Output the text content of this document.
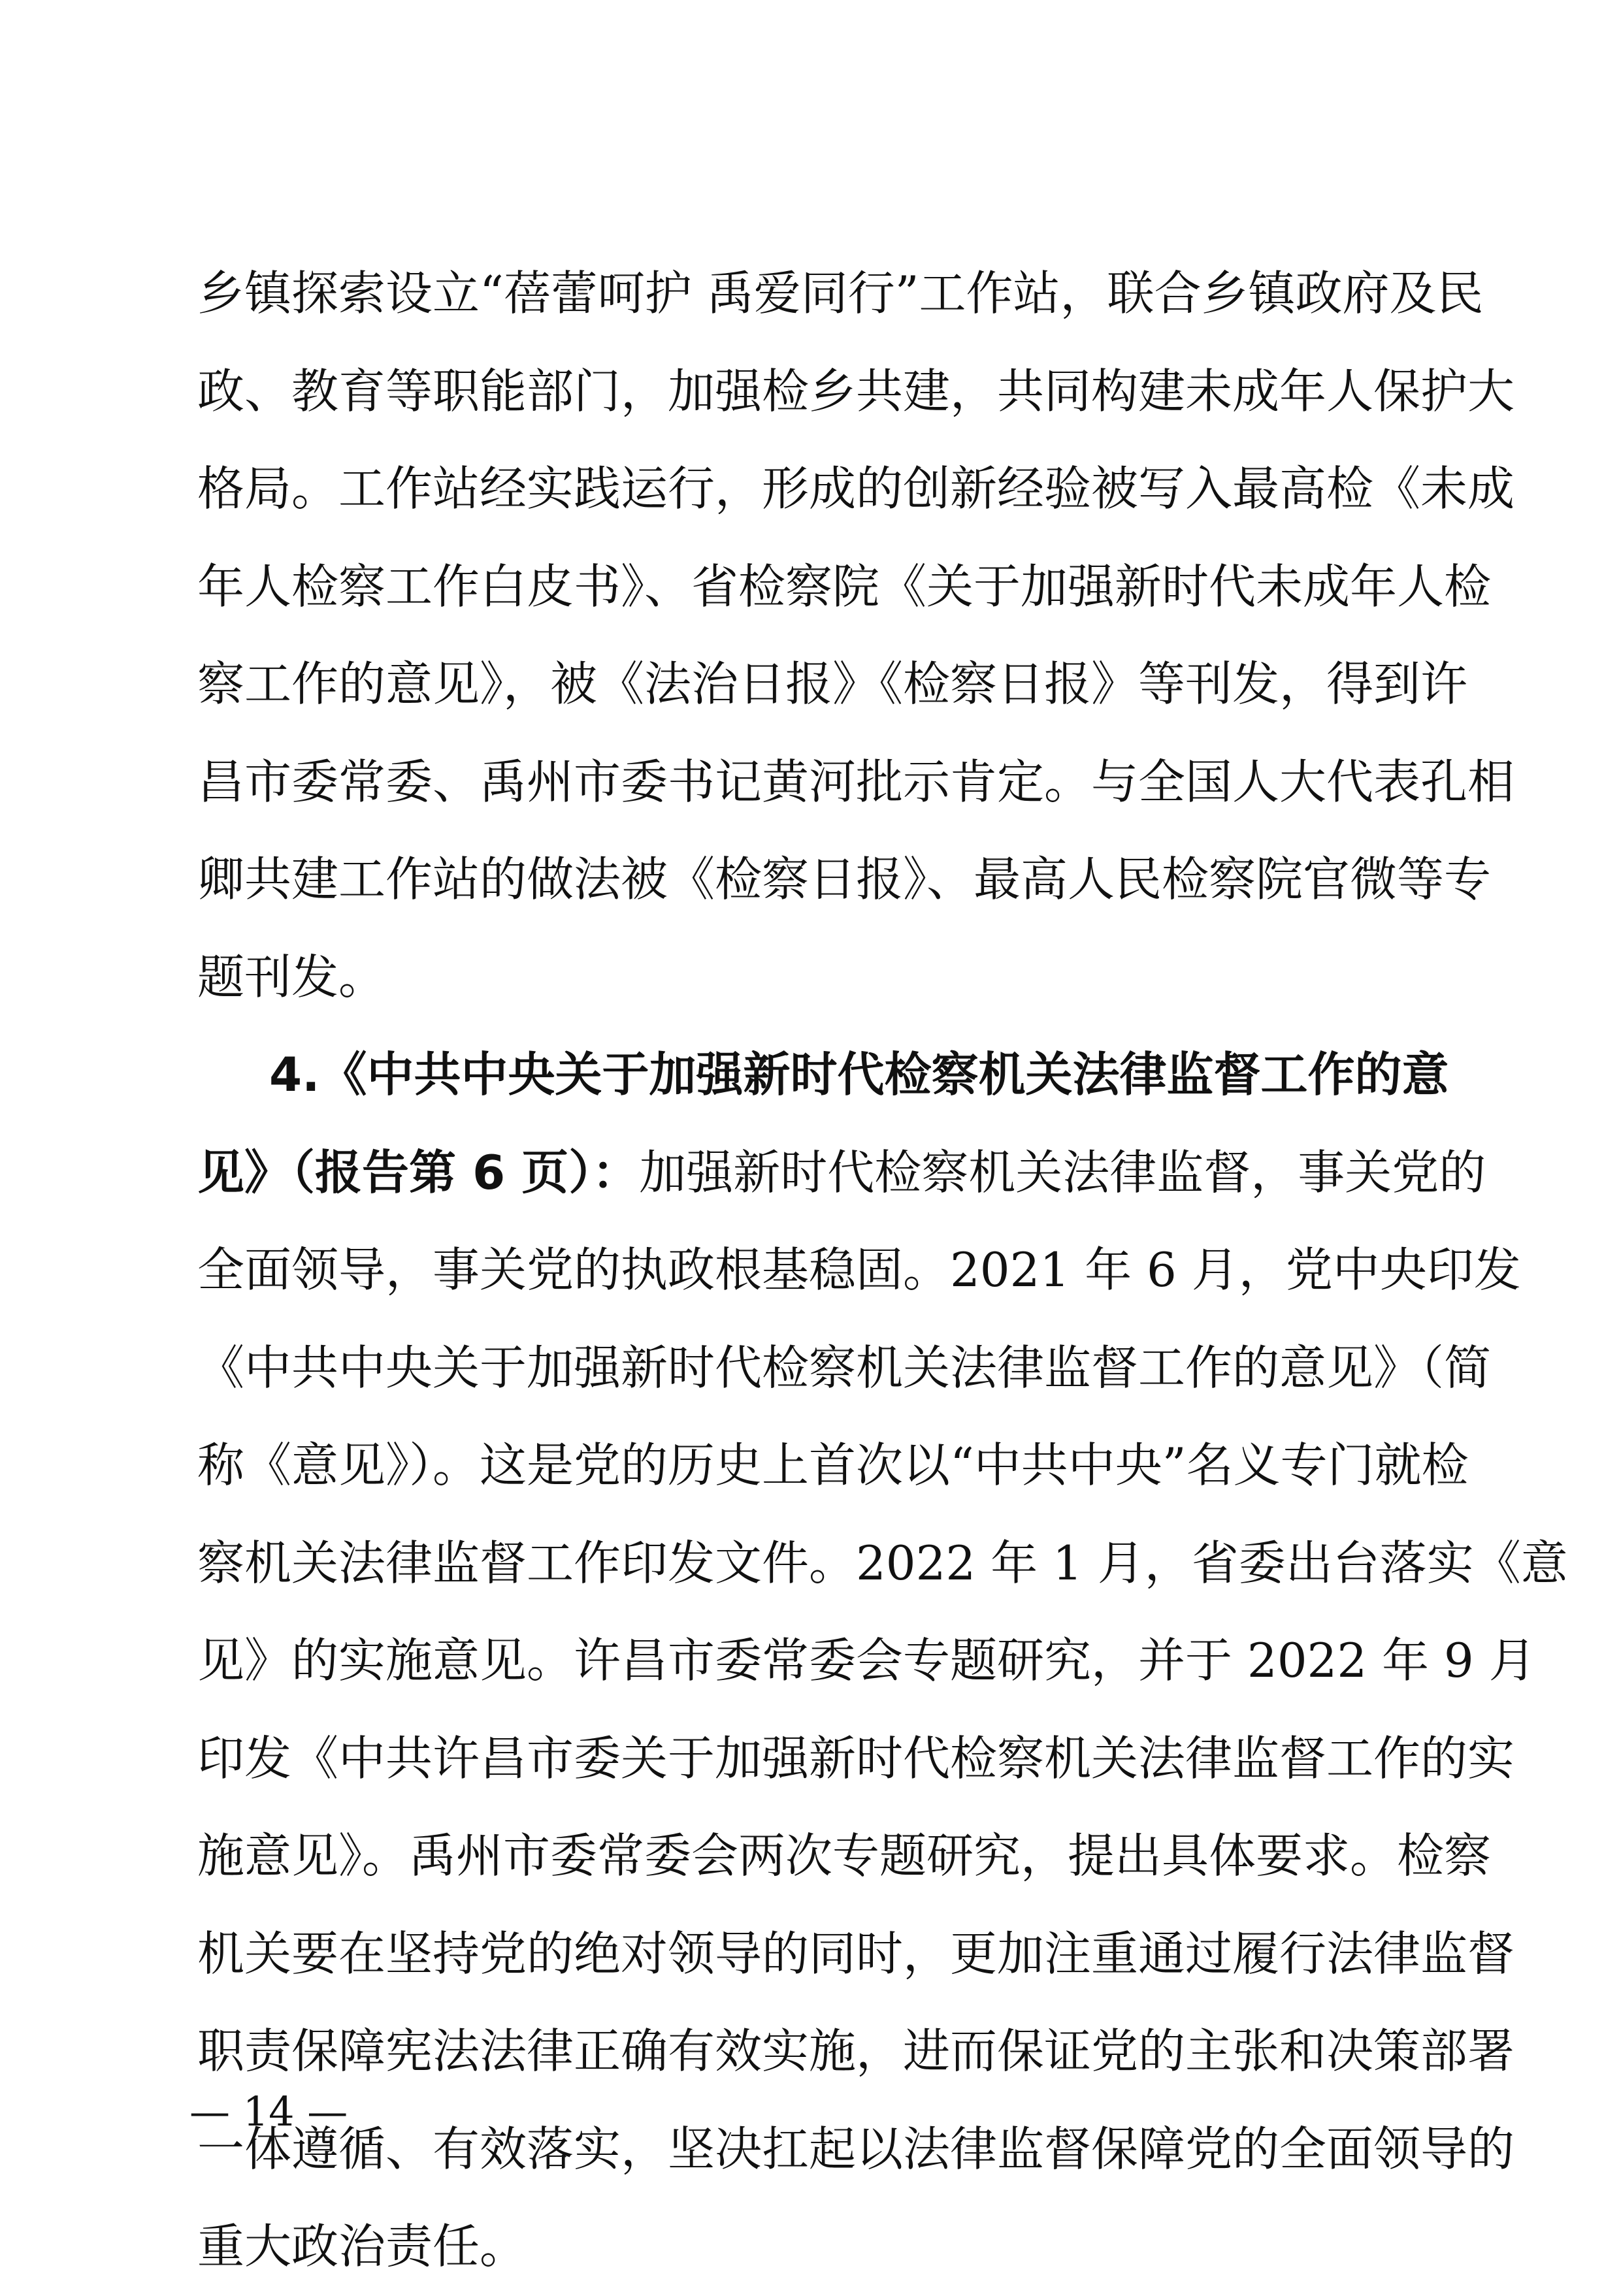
乡镇探索设立“蓓蕾呵护 禹爱同行”工作站，联合乡镇政府及民
政、教育等职能部门，加强检乡共建，共同构建未成年人保护大
格局。工作站经实践运行，形成的创新经验被写入最高检《未成
年人检察工作白皮书》、省检察院《关于加强新时代未成年人检
察工作的意见》，被《法治日报》《检察日报》等刊发，得到许
昌市委常委、禹州市委书记黄河批示肯定。与全国人大代表孔相
卿共建工作站的做法被《检察日报》、最高人民检察院官微等专
题刊发。
4.《中共中央关于加强新时代检察机关法律监督工作的意
见》（报告第 6 页）：加强新时代检察机关法律监督，事关党的
全面领导，事关党的执政根基稳固。2021 年 6 月，党中央印发
《中共中央关于加强新时代检察机关法律监督工作的意见》（简
称《意见》）。这是党的历史上首次以“中共中央”名义专门就检
察机关法律监督工作印发文件。2022 年 1 月，省委出台落实《意
见》的实施意见。许昌市委常委会专题研究，并于 2022 年 9 月
印发《中共许昌市委关于加强新时代检察机关法律监督工作的实
施意见》。禹州市委常委会两次专题研究，提出具体要求。检察
机关要在坚持党的绝对领导的同时，更加注重通过履行法律监督
职责保障宪法法律正确有效实施，进而保证党的主张和决策部署
一体遵循、有效落实，坚决扛起以法律监督保障党的全面领导的
重大政治责任。
— 14 —
